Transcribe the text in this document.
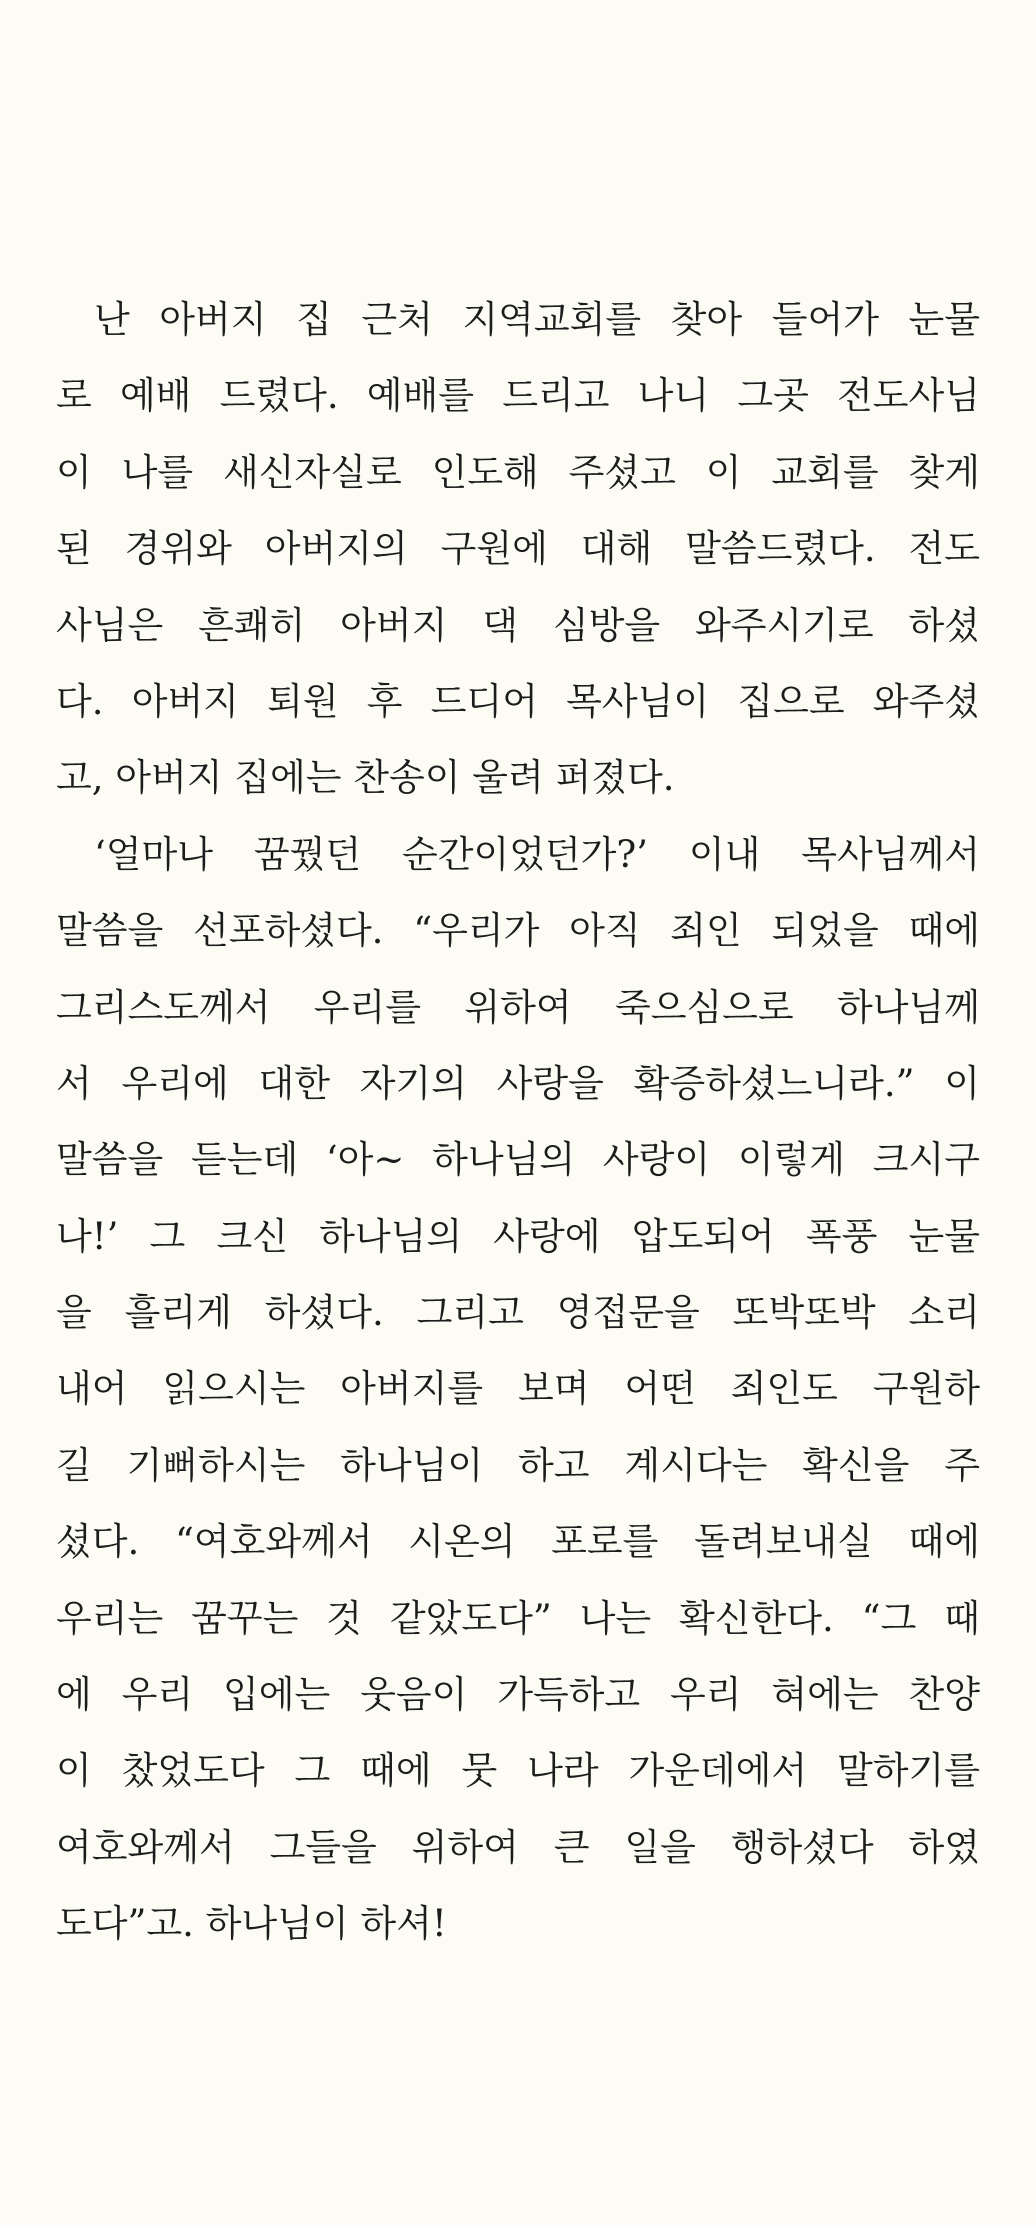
난 아버지 집 근처 지역교회를 찾아 들어가 눈물
로 예배 드렸다. 예배를 드리고 나니 그곳 전도사님
이 나를 새신자실로 인도해 주셨고 이 교회를 찾게
된 경위와 아버지의 구원에 대해 말씀드렸다. 전도
사님은 흔쾌히 아버지 댁 심방을 와주시기로 하셨
다. 아버지 퇴원 후 드디어 목사님이 집으로 와주셨
고, 아버지 집에는 찬송이 울려 퍼졌다.
‘얼마나 꿈꿨던 순간이었던가?’ 이내 목사님께서
말씀을 선포하셨다. “우리가 아직 죄인 되었을 때에
그리스도께서 우리를 위하여 죽으심으로 하나님께
서 우리에 대한 자기의 사랑을 확증하셨느니라.” 이
말씀을 듣는데 ‘아~ 하나님의 사랑이 이렇게 크시구
나!’ 그 크신 하나님의 사랑에 압도되어 폭풍 눈물
을 흘리게 하셨다. 그리고 영접문을 또박또박 소리
내어 읽으시는 아버지를 보며 어떤 죄인도 구원하
길 기뻐하시는 하나님이 하고 계시다는 확신을 주
셨다. “여호와께서 시온의 포로를 돌려보내실 때에
우리는 꿈꾸는 것 같았도다” 나는 확신한다. “그 때
에 우리 입에는 웃음이 가득하고 우리 혀에는 찬양
이 찼었도다 그 때에 뭇 나라 가운데에서 말하기를
여호와께서 그들을 위하여 큰 일을 행하셨다 하였
도다”고. 하나님이 하셔!
